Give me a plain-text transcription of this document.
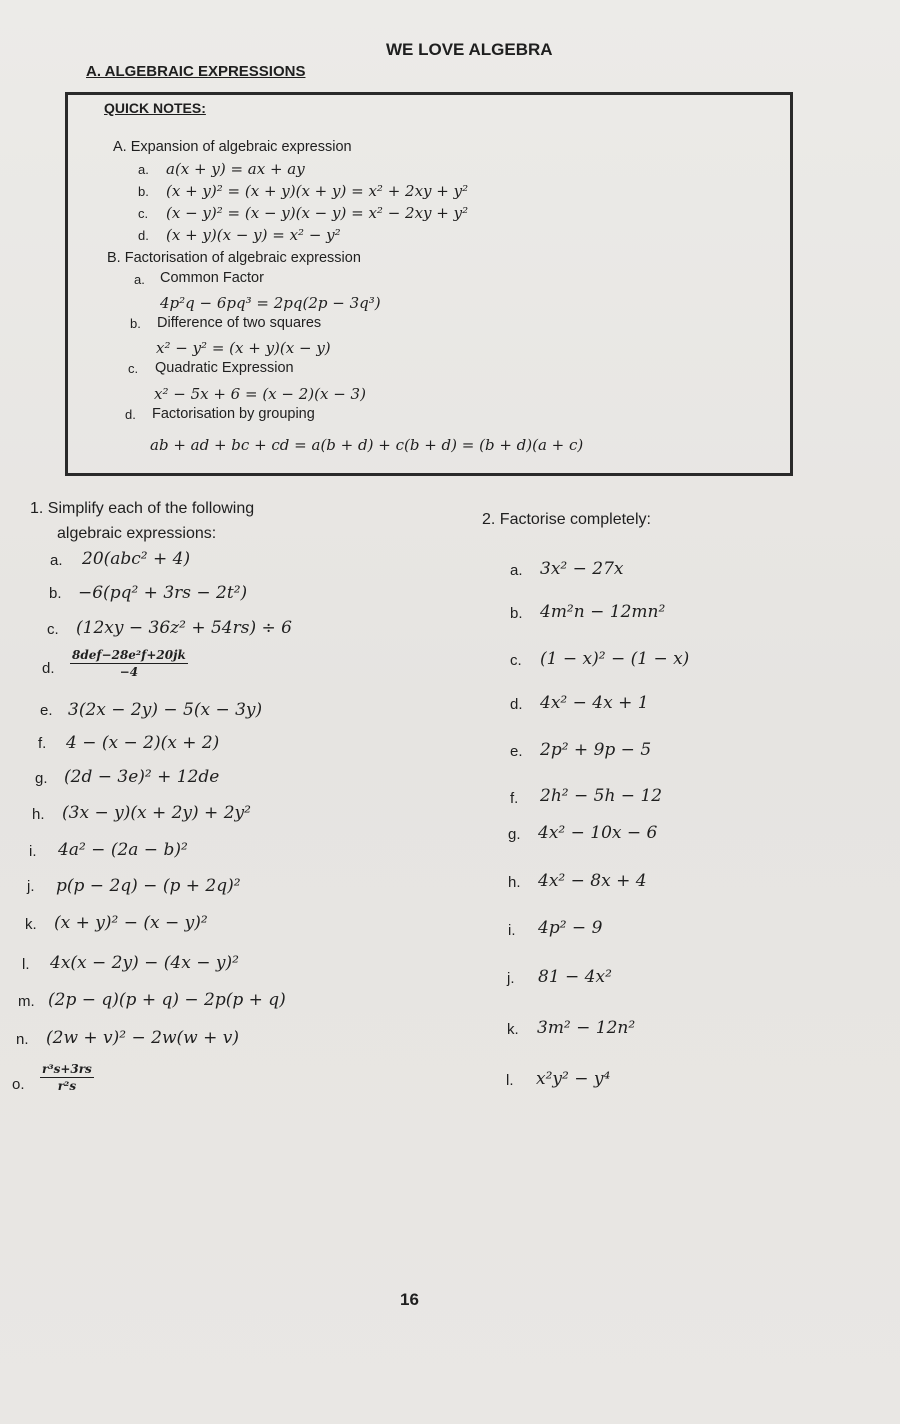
WE LOVE ALGEBRA
A. ALGEBRAIC EXPRESSIONS
QUICK NOTES:
A. Expansion of algebraic expression
a. a(x + y) = ax + ay
b. (x + y)² = (x + y)(x + y) = x² + 2xy + y²
c. (x − y)² = (x − y)(x − y) = x² − 2xy + y²
d. (x + y)(x − y) = x² − y²
B. Factorisation of algebraic expression
a. Common Factor
4p²q − 6pq³ = 2pq(2p − 3q³)
b. Difference of two squares
x² − y² = (x + y)(x − y)
c. Quadratic Expression
x² − 5x + 6 = (x − 2)(x − 3)
d. Factorisation by grouping
ab + ad + bc + cd = a(b + d) + c(b + d) = (b + d)(a + c)
1. Simplify each of the following
algebraic expressions:
a. 20(abc² + 4)
b. −6(pq² + 3rs − 2t²)
c. (12xy − 36z² + 54rs) ÷ 6
d. $\frac{\text{8def−28e²f+20jk}}{-4}$
e. 3(2x − 2y) − 5(x − 3y)
f. 4 − (x − 2)(x + 2)
g. (2d − 3e)² + 12de
h. (3x − y)(x + 2y) + 2y²
i. 4a² − (2a − b)²
j. p(p − 2q) − (p + 2q)²
k. (x + y)² − (x − y)²
l. 4x(x − 2y) − (4x − y)²
m. (2p − q)(p + q) − 2p(p + q)
n. (2w + v)² − 2w(w + v)
o. $\frac{\text{r³s+3rs}}{\text{r²s}}$
2. Factorise completely:
a. 3x² − 27x
b. 4m²n − 12mn²
c. (1 − x)² − (1 − x)
d. 4x² − 4x + 1
e. 2p² + 9p − 5
f. 2h² − 5h − 12
g. 4x² − 10x − 6
h. 4x² − 8x + 4
i. 4p² − 9
j. 81 − 4x²
k. 3m² − 12n²
l. x²y² − y⁴
16
